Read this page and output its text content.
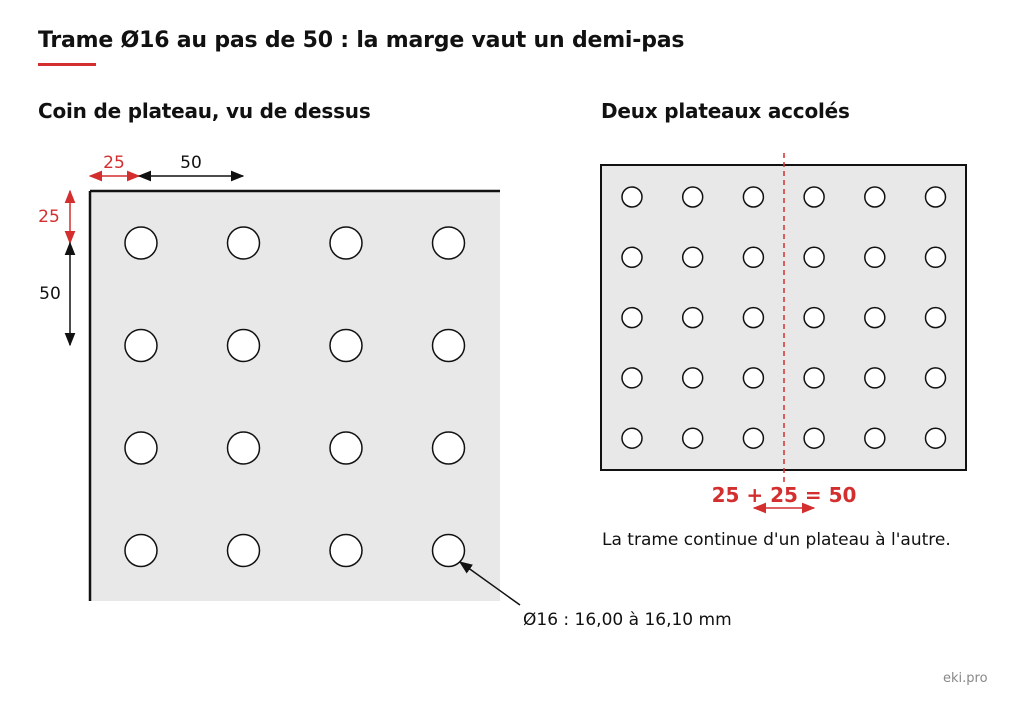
Trame Ø16 au pas de 50 : la marge vaut un demi-pas
Coin de plateau, vu de dessus	Deux plateaux accolés
25	50
25
50
25 + 25 = 50
La trame continue d'un plateau à l'autre.
Ø16 : 16,00 à 16,10 mm
eki.pro
